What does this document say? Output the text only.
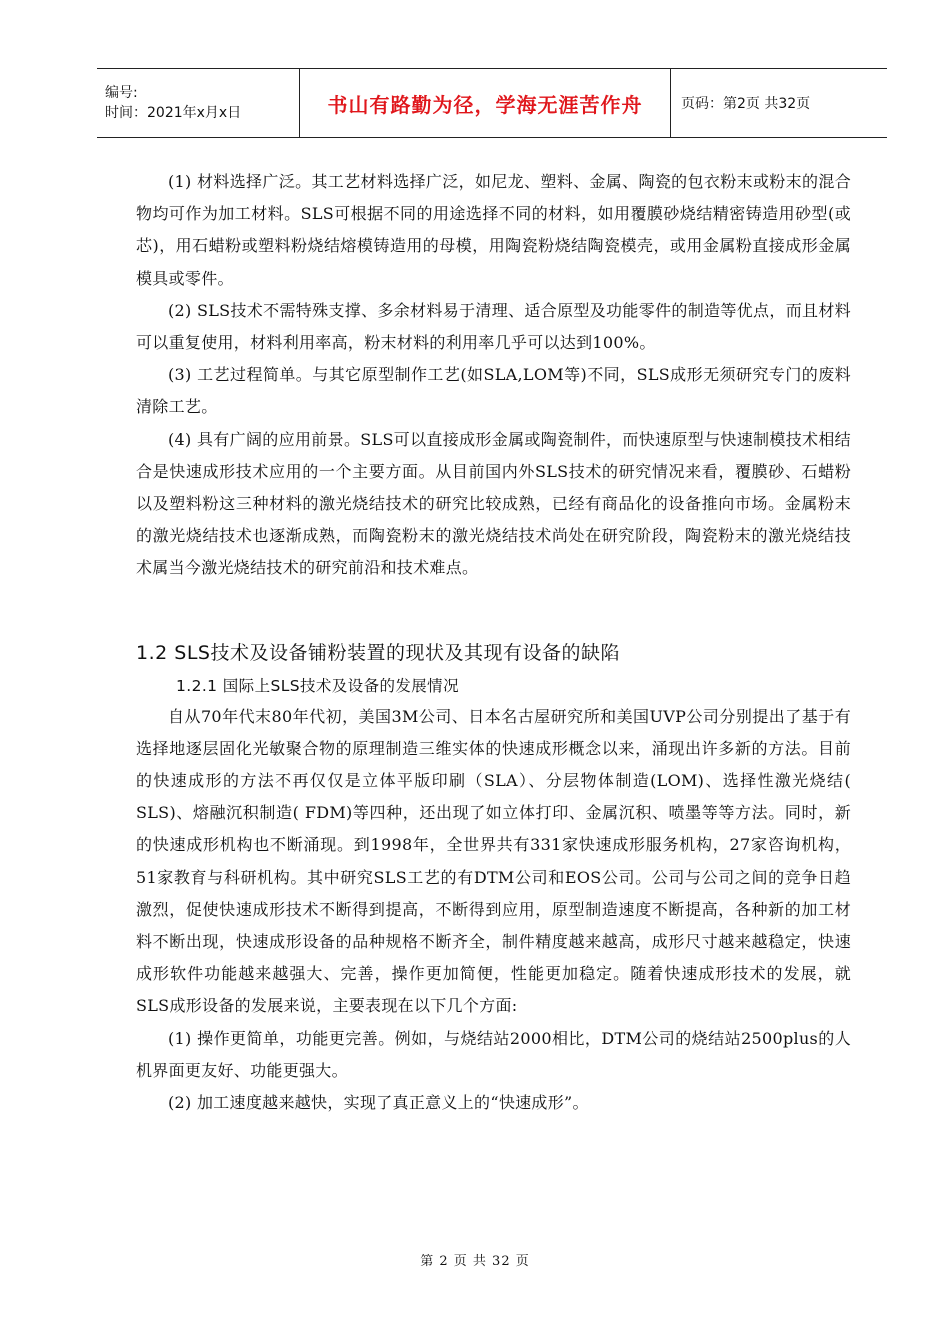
编号:
时间：2021年x月x日	书山有路勤为径，学海无涯苦作舟	页码：第2页 共32页

(1) 材料选择广泛。其工艺材料选择广泛，如尼龙、塑料、金属、陶瓷的包衣粉末或粉末的混合物均可作为加工材料。SLS可根据不同的用途选择不同的材料，如用覆膜砂烧结精密铸造用砂型(或芯)，用石蜡粉或塑料粉烧结熔模铸造用的母模，用陶瓷粉烧结陶瓷模壳，或用金属粉直接成形金属模具或零件。

(2) SLS技术不需特殊支撑、多余材料易于清理、适合原型及功能零件的制造等优点，而且材料可以重复使用，材料利用率高，粉末材料的利用率几乎可以达到100%。

(3) 工艺过程简单。与其它原型制作工艺(如SLA,LOM等)不同，SLS成形无须研究专门的废料清除工艺。

(4) 具有广阔的应用前景。SLS可以直接成形金属或陶瓷制件，而快速原型与快速制模技术相结合是快速成形技术应用的一个主要方面。从目前国内外SLS技术的研究情况来看，覆膜砂、石蜡粉以及塑料粉这三种材料的激光烧结技术的研究比较成熟，已经有商品化的设备推向市场。金属粉末的激光烧结技术也逐渐成熟，而陶瓷粉末的激光烧结技术尚处在研究阶段，陶瓷粉末的激光烧结技术属当今激光烧结技术的研究前沿和技术难点。

1.2 SLS技术及设备铺粉装置的现状及其现有设备的缺陷
1.2.1 国际上SLS技术及设备的发展情况

自从70年代末80年代初，美国3M公司、日本名古屋研究所和美国UVP公司分别提出了基于有选择地逐层固化光敏聚合物的原理制造三维实体的快速成形概念以来，涌现出许多新的方法。目前的快速成形的方法不再仅仅是立体平版印刷（SLA）、分层物体制造(LOM)、选择性激光烧结( SLS)、熔融沉积制造( FDM)等四种，还出现了如立体打印、金属沉积、喷墨等等方法。同时，新的快速成形机构也不断涌现。到1998年，全世界共有331家快速成形服务机构，27家咨询机构，51家教育与科研机构。其中研究SLS工艺的有DTM公司和EOS公司。公司与公司之间的竞争日趋激烈，促使快速成形技术不断得到提高，不断得到应用，原型制造速度不断提高，各种新的加工材料不断出现，快速成形设备的品种规格不断齐全，制件精度越来越高，成形尺寸越来越稳定，快速成形软件功能越来越强大、完善，操作更加简便，性能更加稳定。随着快速成形技术的发展，就SLS成形设备的发展来说，主要表现在以下几个方面:

(1) 操作更简单，功能更完善。例如，与烧结站2000相比，DTM公司的烧结站2500plus的人机界面更友好、功能更强大。

(2) 加工速度越来越快，实现了真正意义上的“快速成形”。

第 2 页 共 32 页
